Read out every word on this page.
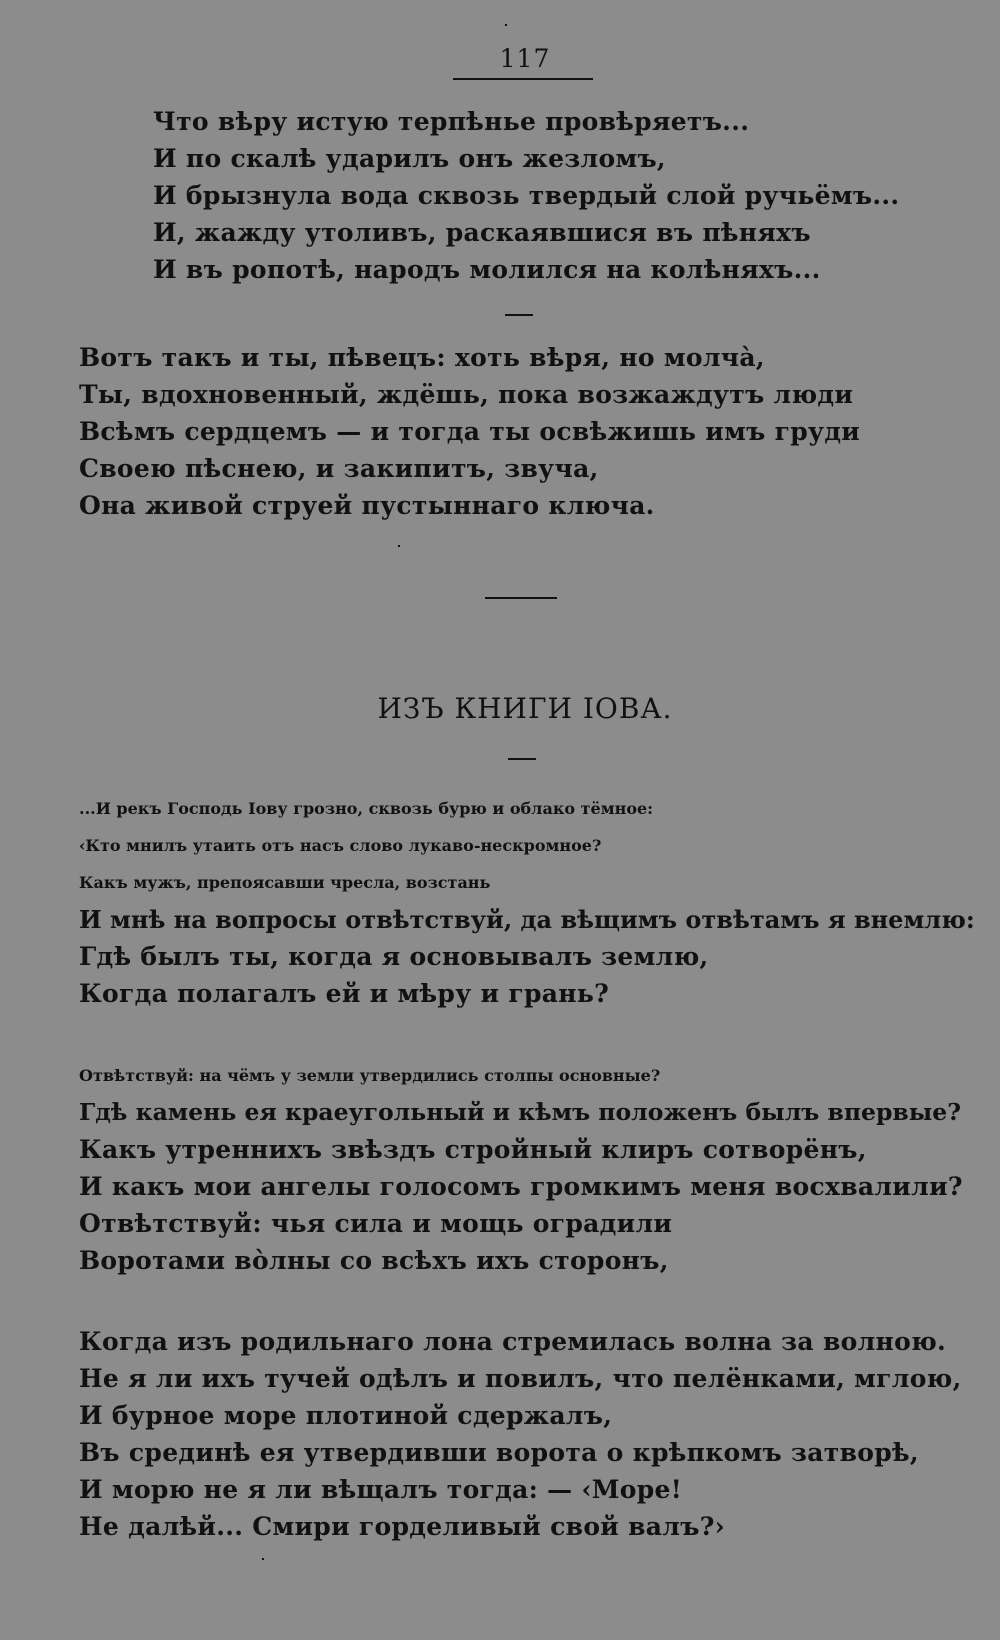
117
Что вѣру истую терпѣнье провѣряетъ...
И по скалѣ ударилъ онъ жезломъ,
И брызнула вода сквозь твердый слой ручьёмъ...
И, жажду утоливъ, раскаявшися въ пѣняхъ
И въ ропотѣ, народъ молился на колѣняхъ...
Вотъ такъ и ты, пѣвецъ: хоть вѣря, но молча̀,
Ты, вдохновенный, ждёшь, пока возжаждутъ люди
Всѣмъ сердцемъ — и тогда ты освѣжишь имъ груди
Своею пѣснею, и закипитъ, звуча,
Она живой струей пустыннаго ключа.
ИЗЪ КНИГИ IОВА.
...И рекъ Господь Iову грозно, сквозь бурю и облако тёмное:
‹Кто мнилъ утаить отъ насъ слово лукаво-нескромное?
Какъ мужъ, препоясавши чресла, возстань
И мнѣ на вопросы отвѣтствуй, да вѣщимъ отвѣтамъ я внемлю:
Гдѣ былъ ты, когда я основывалъ землю,
Когда полагалъ ей и мѣру и грань?
Отвѣтствуй: на чёмъ у земли утвердились столпы основные?
Гдѣ камень ея краеугольный и кѣмъ положенъ былъ впервые?
Какъ утреннихъ звѣздъ стройный клиръ сотворёнъ,
И какъ мои ангелы голосомъ громкимъ меня восхвалили?
Отвѣтствуй: чья сила и мощь оградили
Воротами во̀лны со всѣхъ ихъ сторонъ,
Когда изъ родильнаго лона стремилась волна за волною.
Не я ли ихъ тучей одѣлъ и повилъ, что пелёнками, мглою,
И бурное море плотиной сдержалъ,
Въ срединѣ ея утвердивши ворота о крѣпкомъ затворѣ,
И морю не я ли вѣщалъ тогда: — ‹Море!
Не далѣй... Смири горделивый свой валъ?›
